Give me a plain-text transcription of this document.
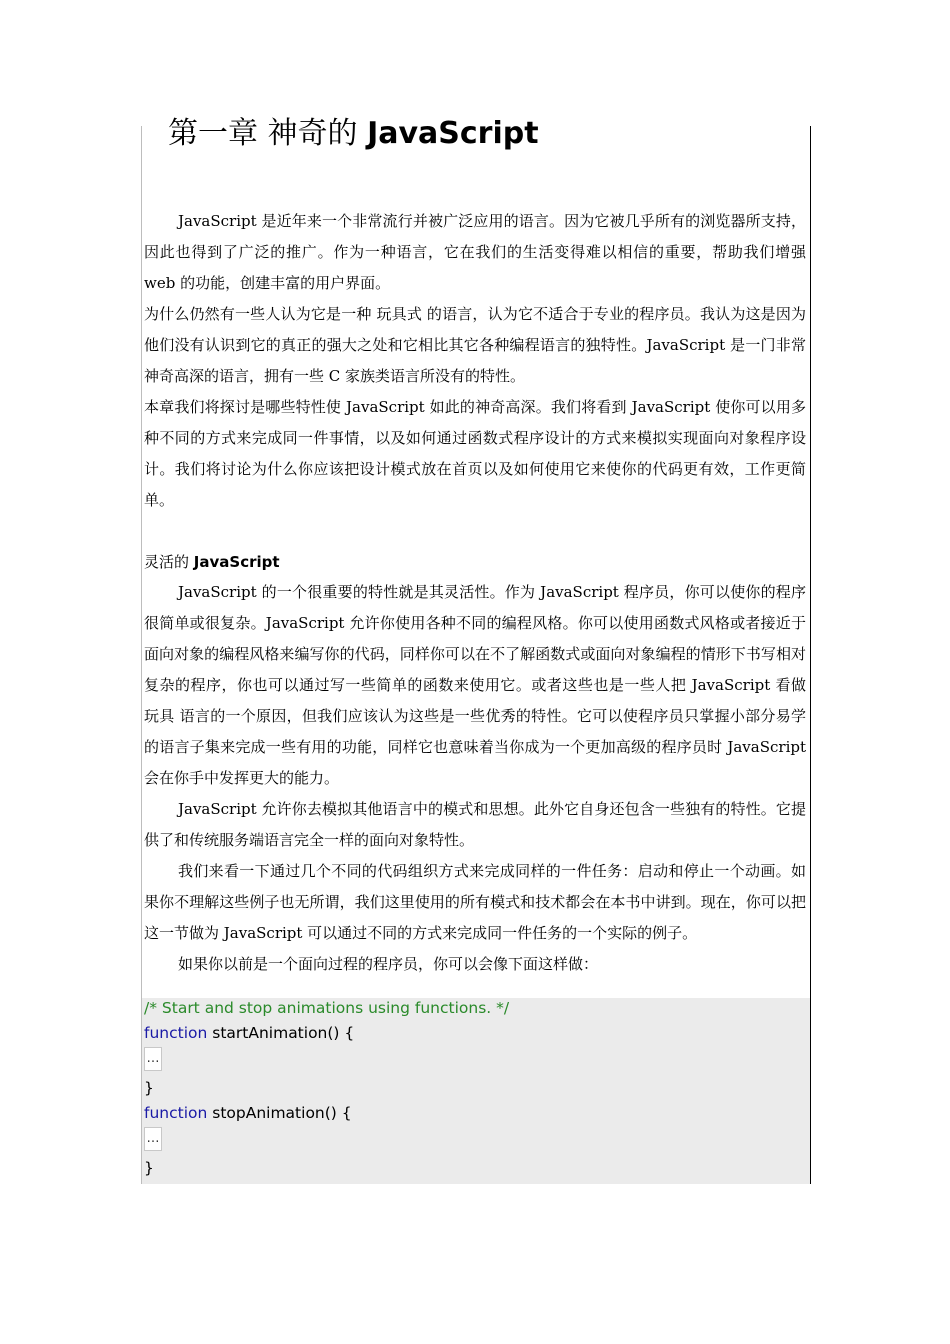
第一章 神奇的 JavaScript

JavaScript 是近年来一个非常流行并被广泛应用的语言。因为它被几乎所有的浏览器所支持，因此也得到了广泛的推广。作为一种语言，它在我们的生活变得难以相信的重要，帮助我们增强 web 的功能，创建丰富的用户界面。

为什么仍然有一些人认为它是一种 玩具式 的语言，认为它不适合于专业的程序员。我认为这是因为他们没有认识到它的真正的强大之处和它相比其它各种编程语言的独特性。JavaScript 是一门非常神奇高深的语言，拥有一些 C 家族类语言所没有的特性。

本章我们将探讨是哪些特性使 JavaScript 如此的神奇高深。我们将看到 JavaScript 使你可以用多种不同的方式来完成同一件事情，以及如何通过函数式程序设计的方式来模拟实现面向对象程序设计。我们将讨论为什么你应该把设计模式放在首页以及如何使用它来使你的代码更有效，工作更简单。

灵活的 JavaScript

JavaScript 的一个很重要的特性就是其灵活性。作为 JavaScript 程序员，你可以使你的程序很简单或很复杂。JavaScript 允许你使用各种不同的编程风格。你可以使用函数式风格或者接近于面向对象的编程风格来编写你的代码，同样你可以在不了解函数式或面向对象编程的情形下书写相对复杂的程序，你也可以通过写一些简单的函数来使用它。或者这些也是一些人把 JavaScript 看做 玩具 语言的一个原因，但我们应该认为这些是一些优秀的特性。它可以使程序员只掌握小部分易学的语言子集来完成一些有用的功能，同样它也意味着当你成为一个更加高级的程序员时 JavaScript 会在你手中发挥更大的能力。

JavaScript 允许你去模拟其他语言中的模式和思想。此外它自身还包含一些独有的特性。它提供了和传统服务端语言完全一样的面向对象特性。

我们来看一下通过几个不同的代码组织方式来完成同样的一件任务：启动和停止一个动画。如果你不理解这些例子也无所谓，我们这里使用的所有模式和技术都会在本书中讲到。现在，你可以把这一节做为 JavaScript 可以通过不同的方式来完成同一件任务的一个实际的例子。

如果你以前是一个面向过程的程序员，你可以会像下面这样做：

/* Start and stop animations using functions. */
function startAnimation() {
…
}
function stopAnimation() {
…
}
